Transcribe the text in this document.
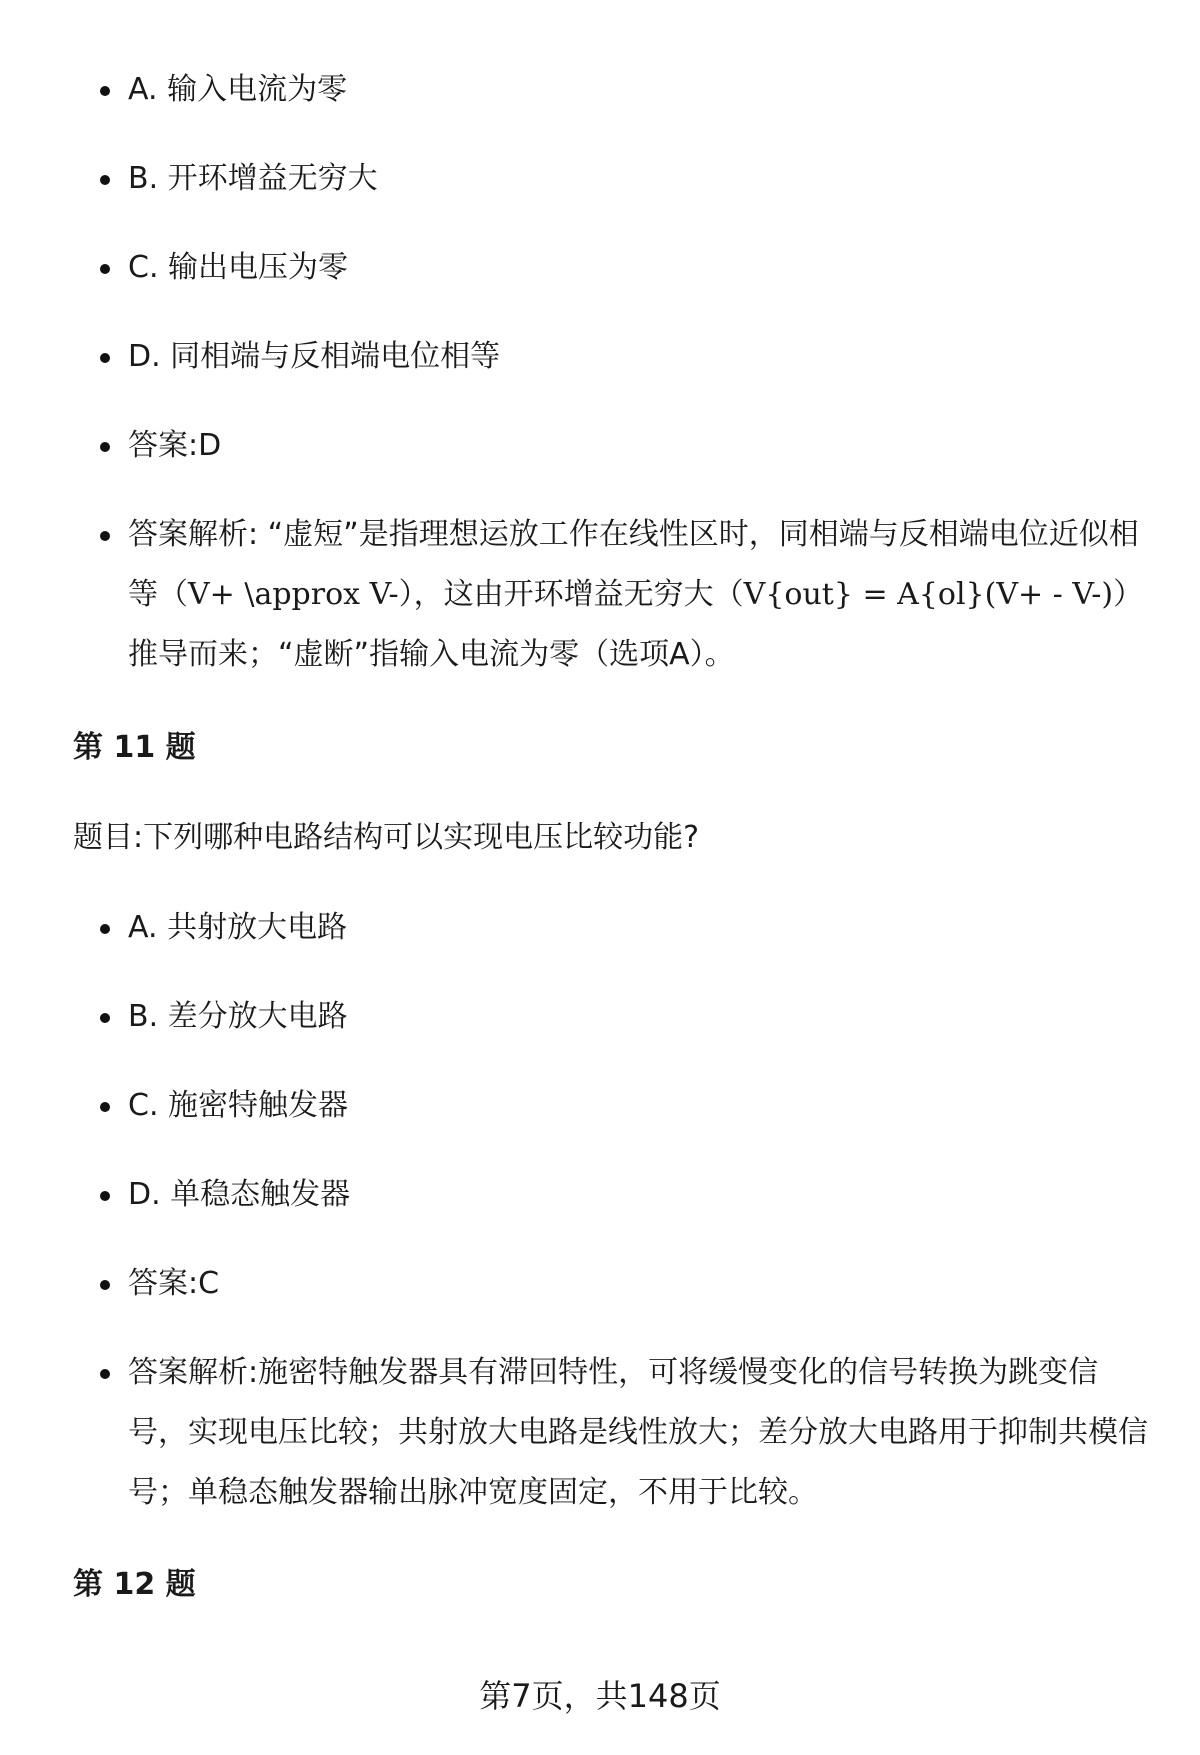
A. 输入电流为零
B. 开环增益无穷大
C. 输出电压为零
D. 同相端与反相端电位相等
答案:D
答案解析: “虚短”是指理想运放工作在线性区时，同相端与反相端电位近似相等（V+ \approx V-），这由开环增益无穷大（V{out} = A{ol}(V+ - V-)）推导而来；“虚断”指输入电流为零（选项A）。
第 11 题

题目:下列哪种电路结构可以实现电压比较功能?

A. 共射放大电路
B. 差分放大电路
C. 施密特触发器
D. 单稳态触发器
答案:C
答案解析:施密特触发器具有滞回特性，可将缓慢变化的信号转换为跳变信号，实现电压比较；共射放大电路是线性放大；差分放大电路用于抑制共模信号；单稳态触发器输出脉冲宽度固定，不用于比较。
第 12 题
第7页，共148页
